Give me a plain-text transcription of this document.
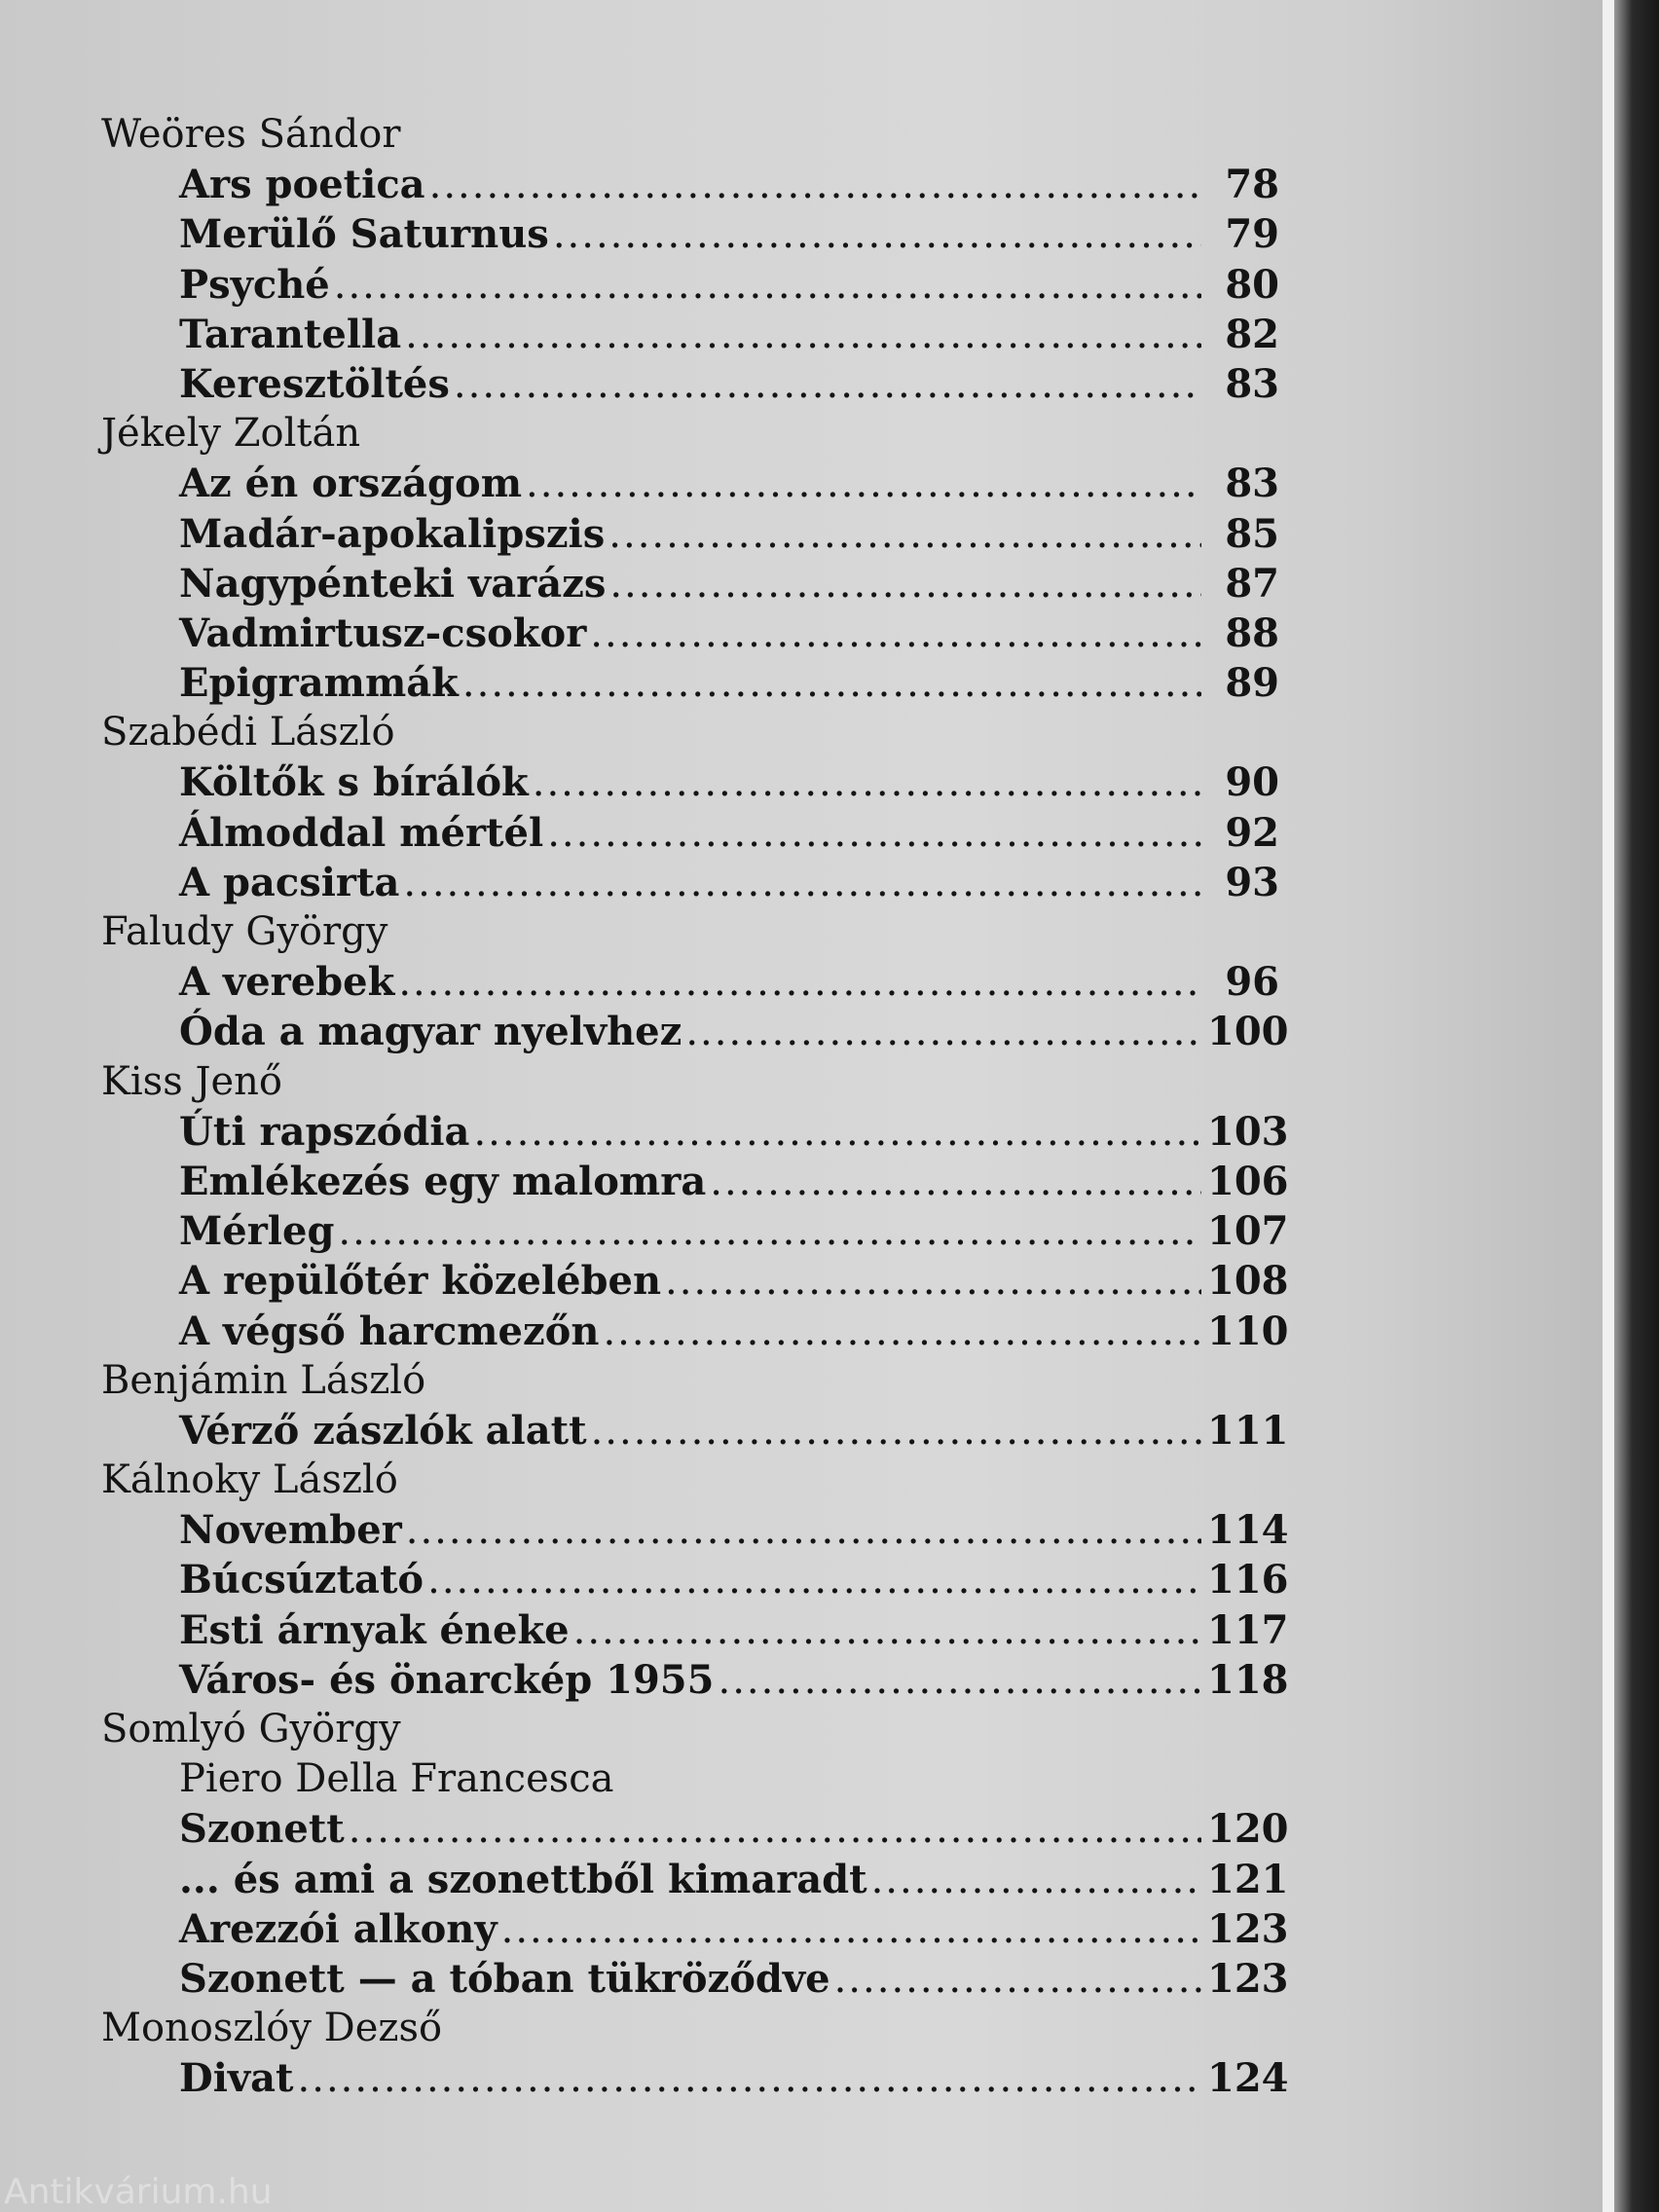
Weöres Sándor
Ars poetica .....	78
Merülő Saturnus .....	79
Psyché .....	80
Tarantella .....	82
Keresztöltés .....	83
Jékely Zoltán
Az én országom .....	83
Madár-apokalipszis .....	85
Nagypénteki varázs .....	87
Vadmirtusz-csokor .....	88
Epigrammák .....	89
Szabédi László
Költők s bírálók .....	90
Álmoddal mértél .....	92
A pacsirta .....	93
Faludy György
A verebek .....	96
Óda a magyar nyelvhez .....	100
Kiss Jenő
Úti rapszódia .....	103
Emlékezés egy malomra .....	106
Mérleg .....	107
A repülőtér közelében .....	108
A végső harcmezőn .....	110
Benjámin László
Vérző zászlók alatt .....	111
Kálnoky László
November .....	114
Búcsúztató .....	116
Esti árnyak éneke .....	117
Város- és önarckép 1955 .....	118
Somlyó György
Piero Della Francesca
Szonett .....	120
... és ami a szonettből kimaradt .....	121
Arezzói alkony .....	123
Szonett — a tóban tükröződve .....	123
Monoszlóy Dezső
Divat .....	124
Antikvárium.hu
